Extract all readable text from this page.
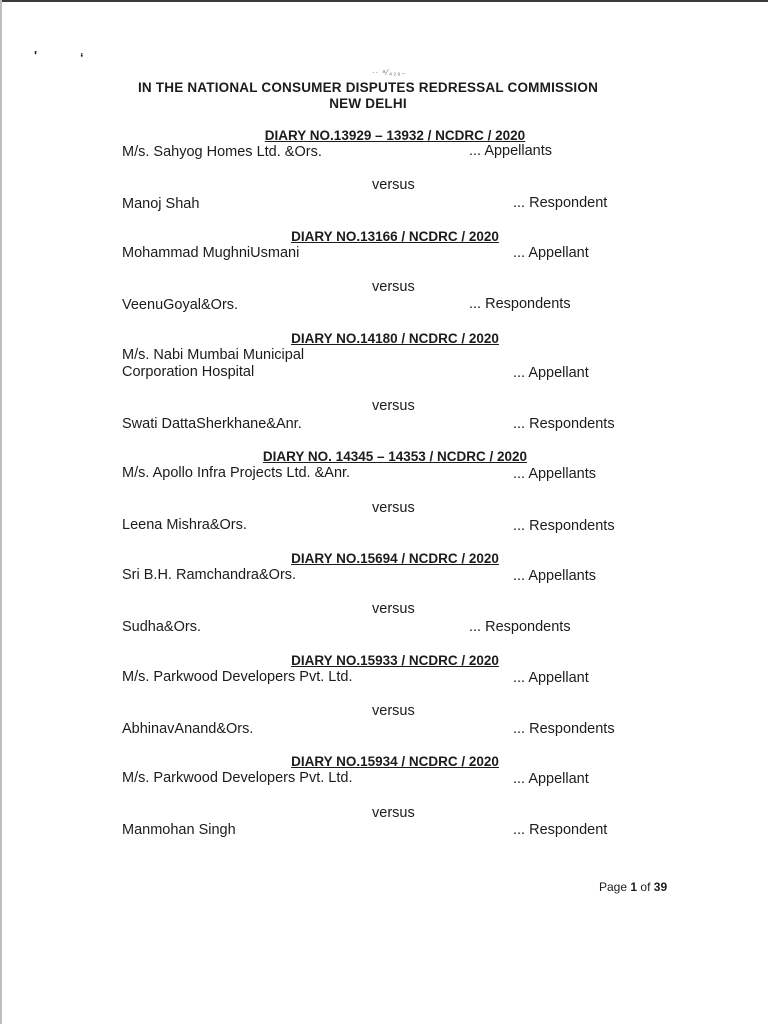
'	‘
·· ᵃ⁄₄₂₉₋
IN THE NATIONAL CONSUMER DISPUTES REDRESSAL COMMISSION
NEW DELHI
DIARY NO.13929 – 13932 / NCDRC / 2020
M/s. Sahyog Homes Ltd. &Ors.	... Appellants
versus
Manoj Shah	... Respondent
DIARY NO.13166 / NCDRC / 2020
Mohammad MughniUsmani	... Appellant
versus
VeenuGoyal&Ors.	... Respondents
DIARY NO.14180 / NCDRC / 2020
M/s. Nabi Mumbai Municipal
Corporation Hospital	... Appellant
versus
Swati DattaSherkhane&Anr.	... Respondents
DIARY NO. 14345 – 14353 / NCDRC / 2020
M/s. Apollo Infra Projects Ltd. &Anr.	... Appellants
versus
Leena Mishra&Ors.	... Respondents
DIARY NO.15694 / NCDRC / 2020
Sri B.H. Ramchandra&Ors.	... Appellants
versus
Sudha&Ors.	... Respondents
DIARY NO.15933 / NCDRC / 2020
M/s. Parkwood Developers Pvt. Ltd.	... Appellant
versus
AbhinavAnand&Ors.	... Respondents
DIARY NO.15934 / NCDRC / 2020
M/s. Parkwood Developers Pvt. Ltd.	... Appellant
versus
Manmohan Singh	... Respondent
Page 1 of 39
